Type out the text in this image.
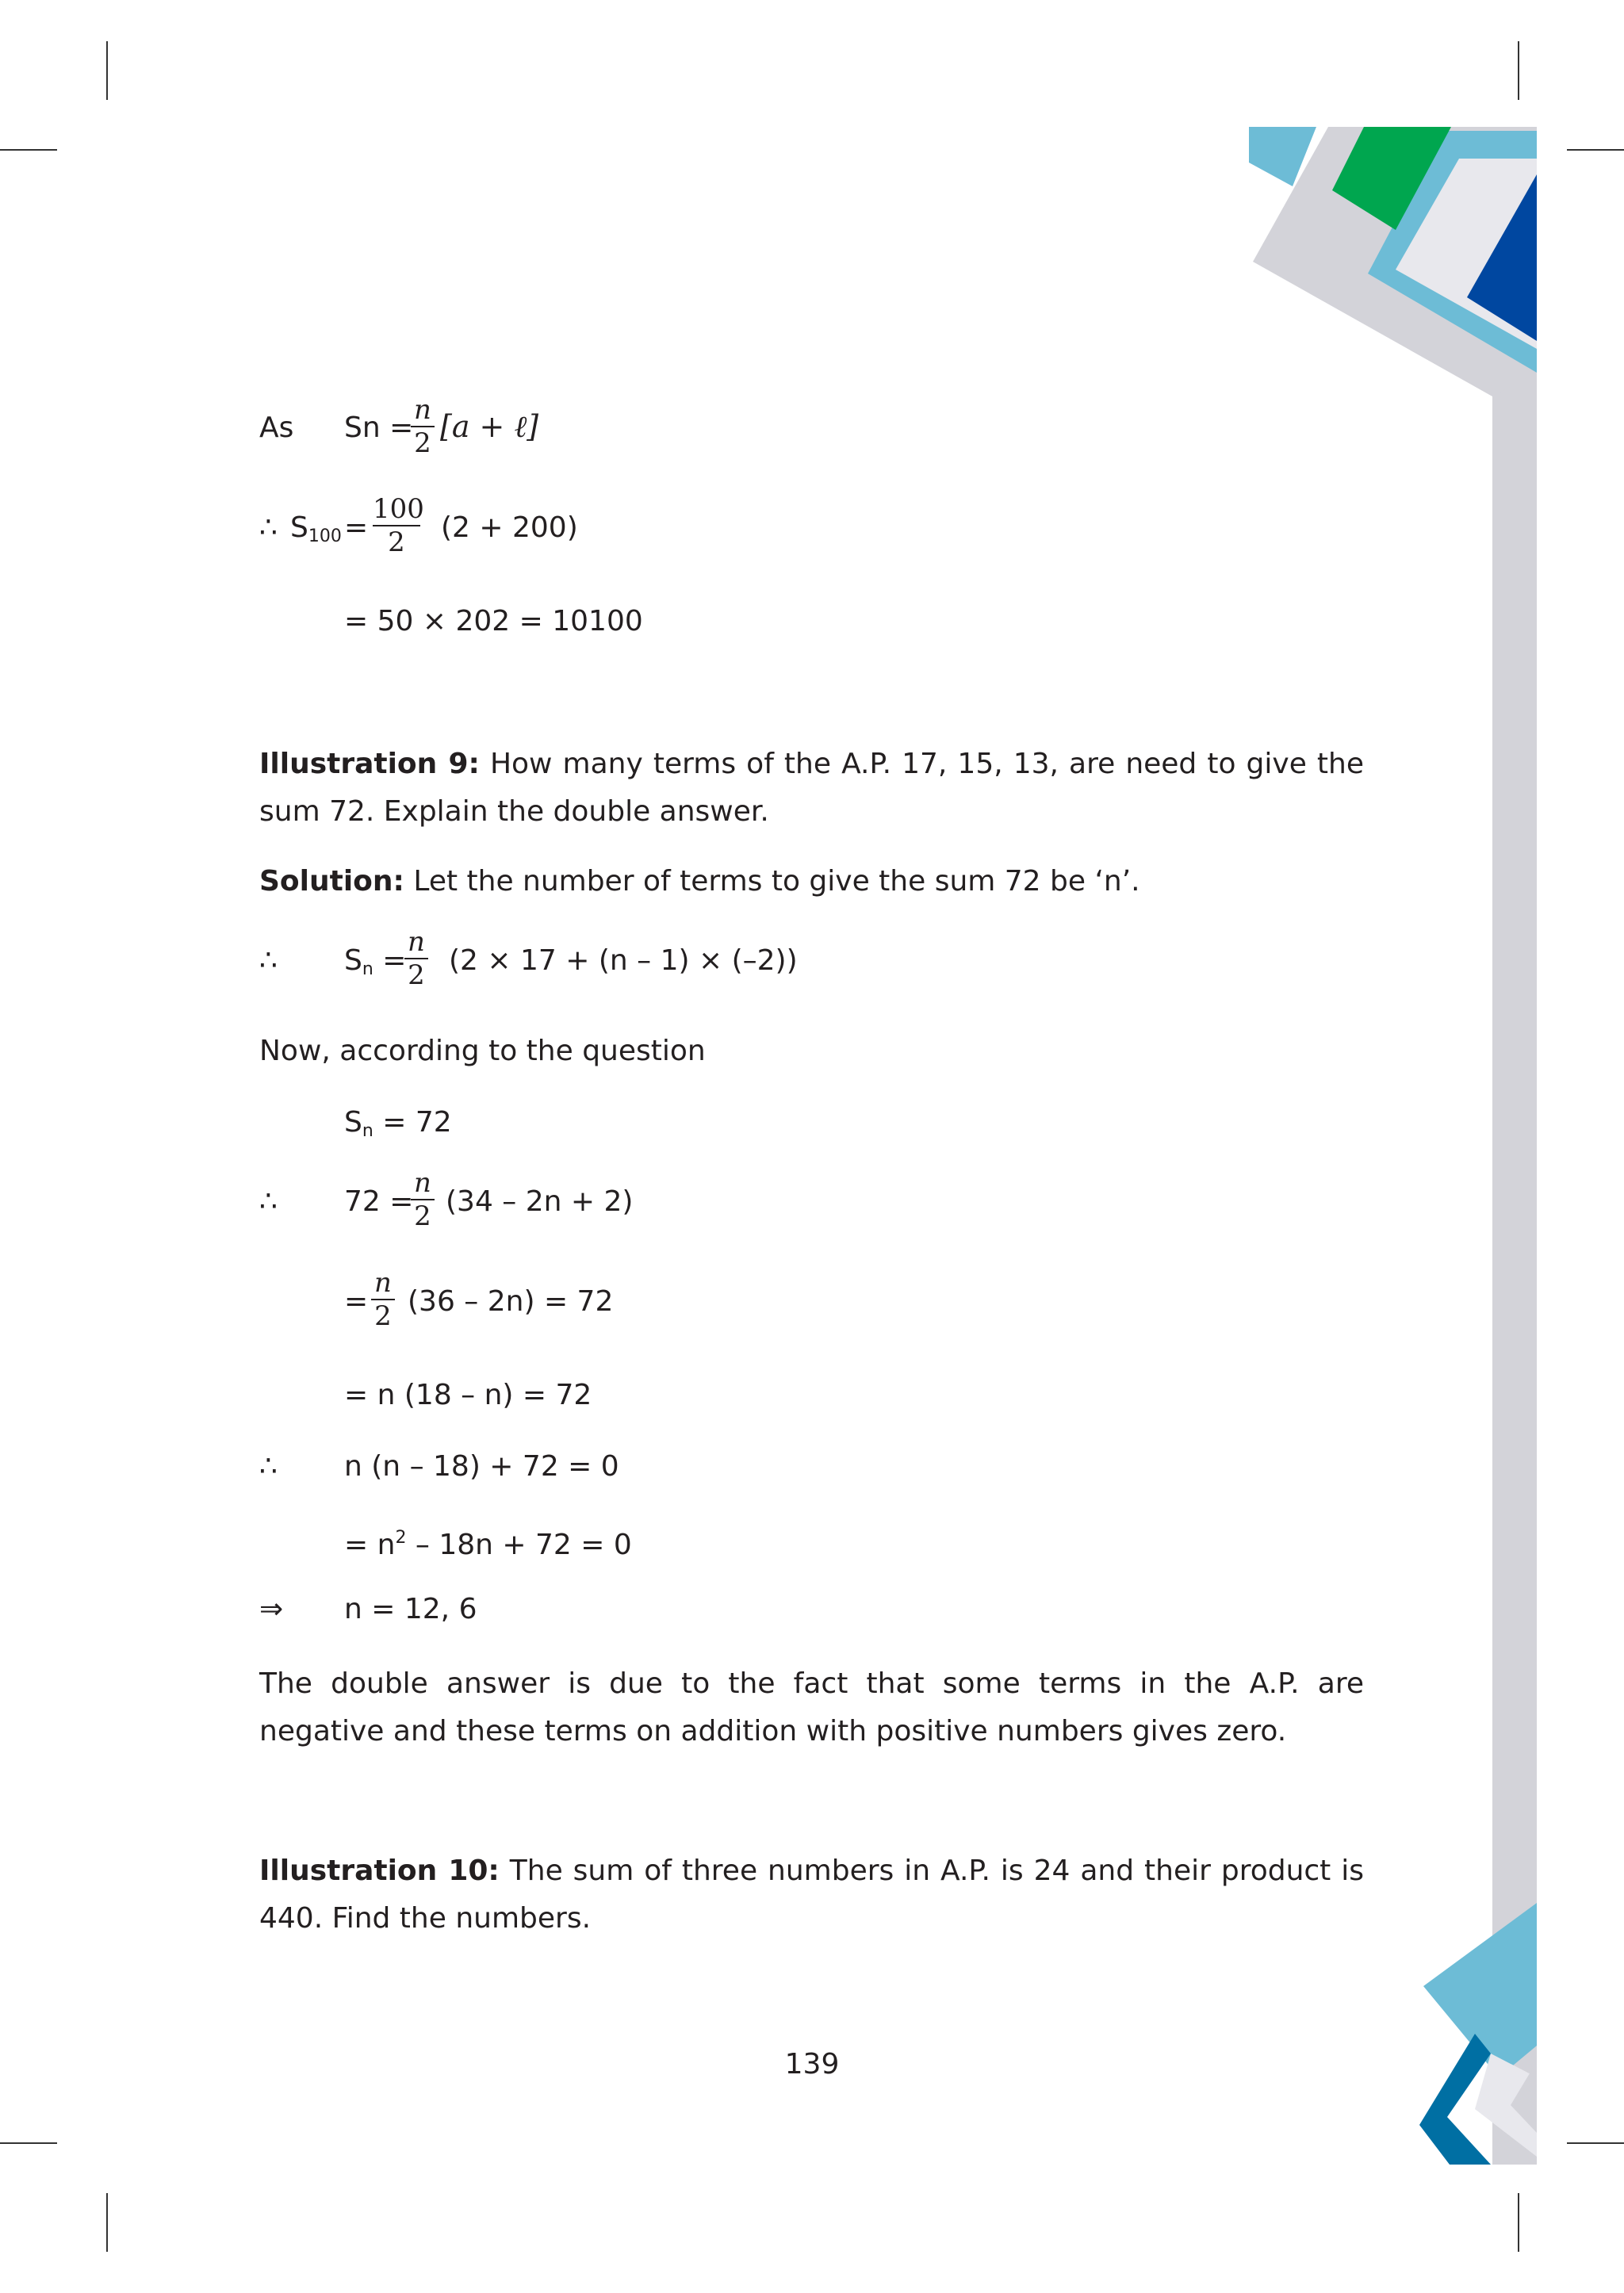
As Sn =
n
2 [a + ℓ]
∴ $S_{100}$ =
100
2	(2 + 200)
= 50 × 202 = 10100
Illustration 9: How many terms of the A.P. 17, 15, 13, are need to give the sum 72. Explain the double answer.
Solution: Let the number of terms to give the sum 72 be ‘n’.
∴ $S_n$ =
n
2 (2 × 17 + (n – 1) × (–2))
Now, according to the question
$S_n = 72$
∴ 72 =
n
2 (34 – 2n + 2)
=
n
2 (36 – 2n) = 72
= n (18 – n) = 72
∴ n (n – 18) + 72 = 0
= $n^2 - 18n + 72 = 0$
⇒ n = 12, 6
The double answer is due to the fact that some terms in the A.P. are negative and these terms on addition with positive numbers gives zero.
Illustration 10: The sum of three numbers in A.P. is 24 and their product is 440. Find the numbers.
139
